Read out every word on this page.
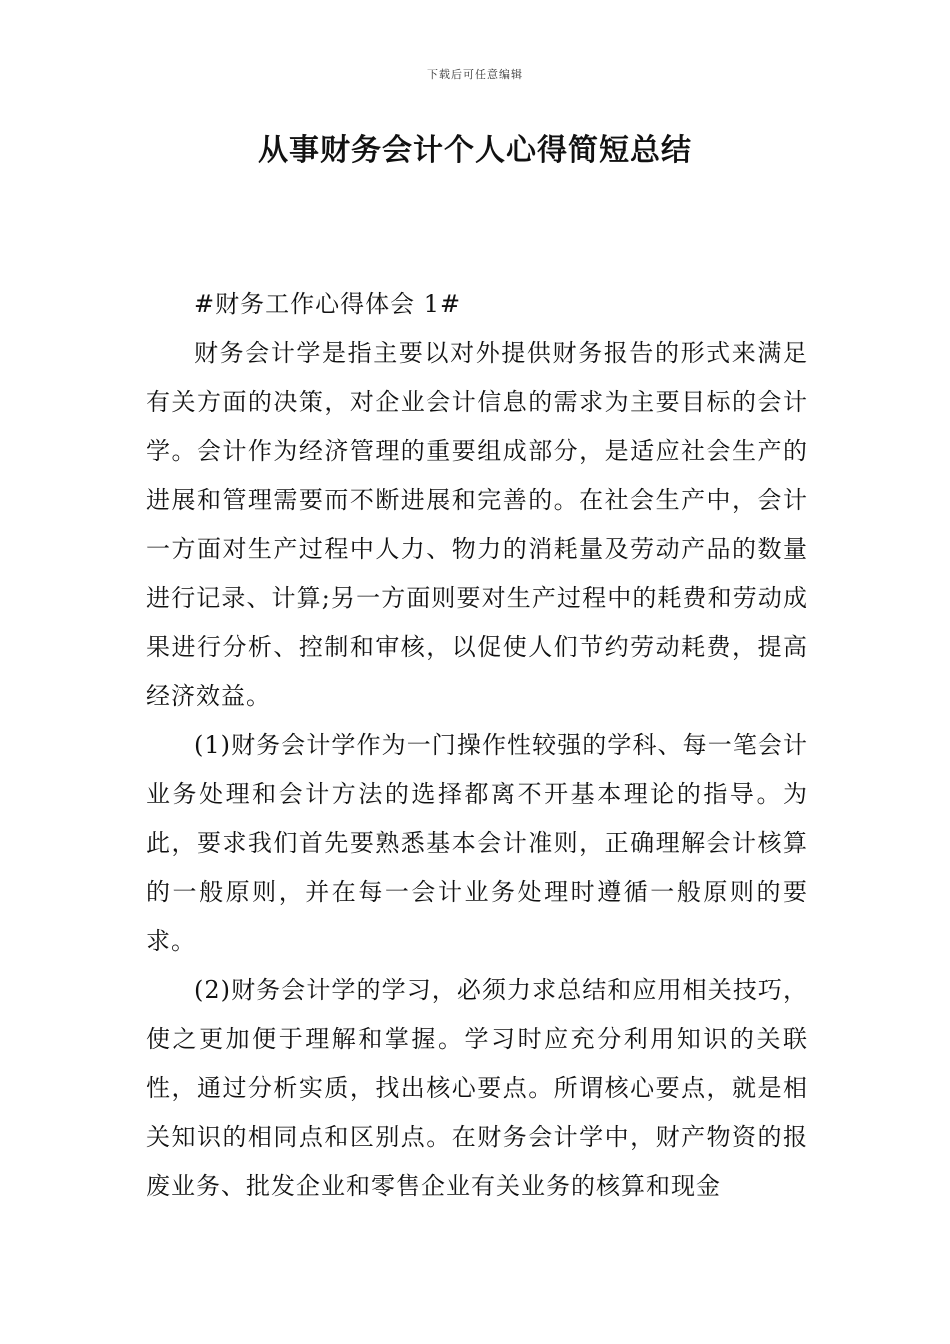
下载后可任意编辑
从事财务会计个人心得简短总结

#财务工作心得体会 1#

财务会计学是指主要以对外提供财务报告的形式来满足有关方面的决策，对企业会计信息的需求为主要目标的会计学。会计作为经济管理的重要组成部分，是适应社会生产的进展和管理需要而不断进展和完善的。在社会生产中，会计一方面对生产过程中人力、物力的消耗量及劳动产品的数量进行记录、计算;另一方面则要对生产过程中的耗费和劳动成果进行分析、控制和审核，以促使人们节约劳动耗费，提高经济效益。

(1)财务会计学作为一门操作性较强的学科、每一笔会计业务处理和会计方法的选择都离不开基本理论的指导。为此，要求我们首先要熟悉基本会计准则，正确理解会计核算的一般原则，并在每一会计业务处理时遵循一般原则的要求。

(2)财务会计学的学习，必须力求总结和应用相关技巧，使之更加便于理解和掌握。学习时应充分利用知识的关联性，通过分析实质，找出核心要点。所谓核心要点，就是相关知识的相同点和区别点。在财务会计学中，财产物资的报废业务、批发企业和零售企业有关业务的核算和现金
